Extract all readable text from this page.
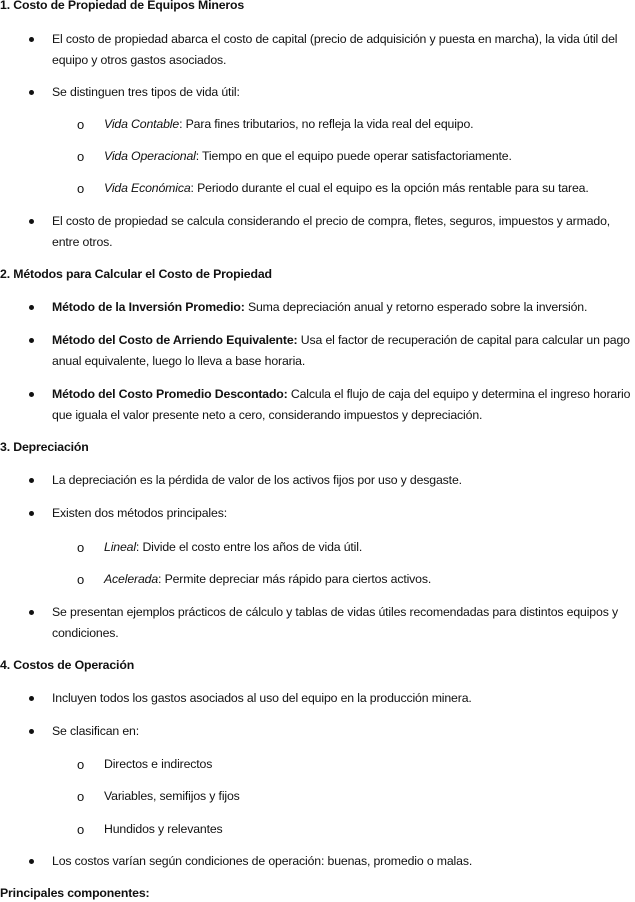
1. Costo de Propiedad de Equipos Mineros
El costo de propiedad abarca el costo de capital (precio de adquisición y puesta en marcha), la vida útil del equipo y otros gastos asociados.
Se distinguen tres tipos de vida útil:
o Vida Contable: Para fines tributarios, no refleja la vida real del equipo.
o Vida Operacional: Tiempo en que el equipo puede operar satisfactoriamente.
o Vida Económica: Periodo durante el cual el equipo es la opción más rentable para su tarea.
El costo de propiedad se calcula considerando el precio de compra, fletes, seguros, impuestos y armado, entre otros.
2. Métodos para Calcular el Costo de Propiedad
Método de la Inversión Promedio: Suma depreciación anual y retorno esperado sobre la inversión.
Método del Costo de Arriendo Equivalente: Usa el factor de recuperación de capital para calcular un pago anual equivalente, luego lo lleva a base horaria.
Método del Costo Promedio Descontado: Calcula el flujo de caja del equipo y determina el ingreso horario que iguala el valor presente neto a cero, considerando impuestos y depreciación.
3. Depreciación
La depreciación es la pérdida de valor de los activos fijos por uso y desgaste.
Existen dos métodos principales:
o Lineal: Divide el costo entre los años de vida útil.
o Acelerada: Permite depreciar más rápido para ciertos activos.
Se presentan ejemplos prácticos de cálculo y tablas de vidas útiles recomendadas para distintos equipos y condiciones.
4. Costos de Operación
Incluyen todos los gastos asociados al uso del equipo en la producción minera.
Se clasifican en:
o Directos e indirectos
o Variables, semifijos y fijos
o Hundidos y relevantes
Los costos varían según condiciones de operación: buenas, promedio o malas.
Principales componentes:
